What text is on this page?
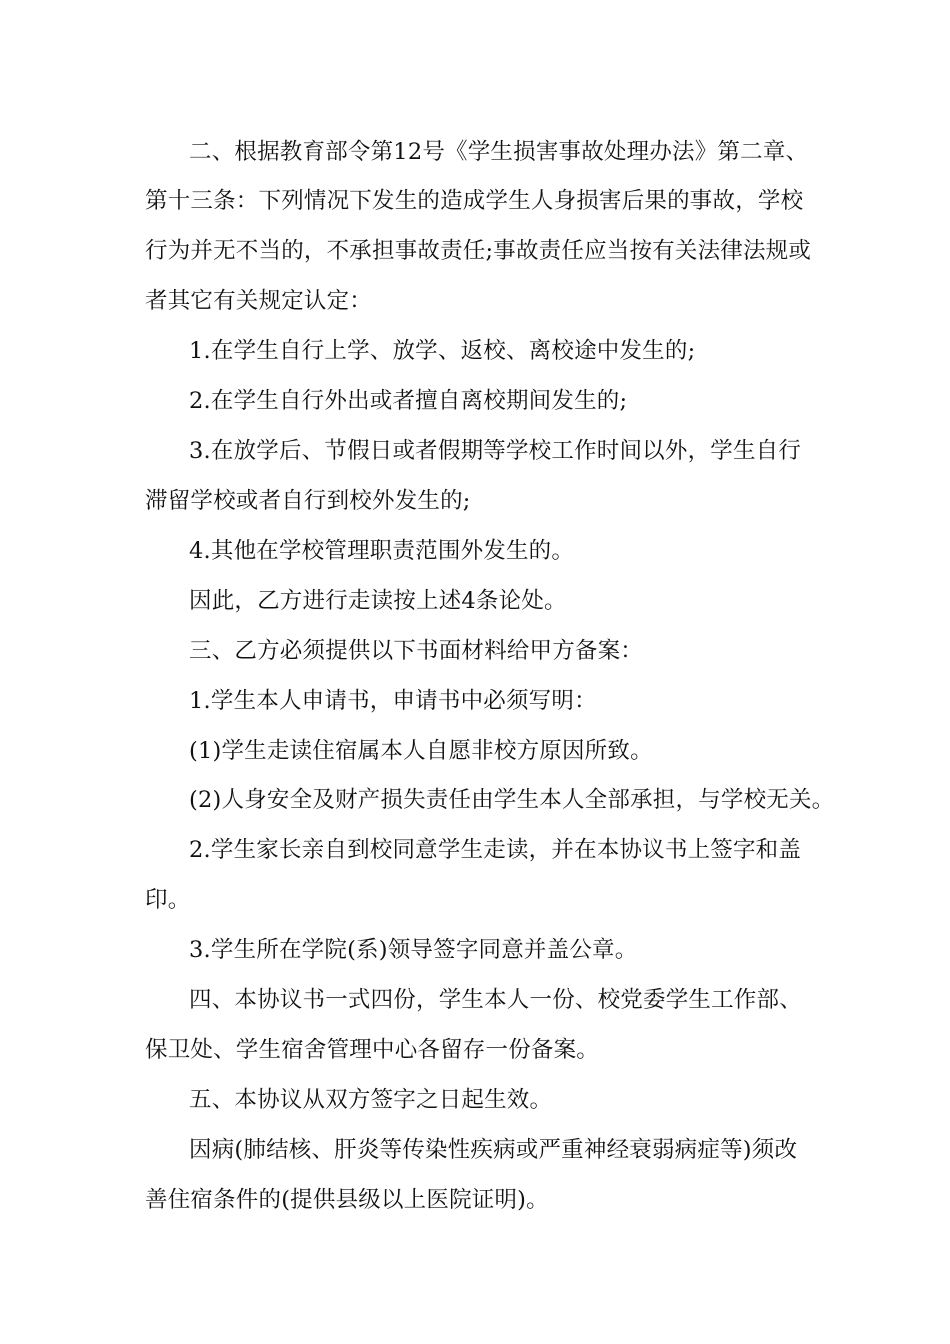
二、根据教育部令第12号《学生损害事故处理办法》第二章、
第十三条：下列情况下发生的造成学生人身损害后果的事故，学校
行为并无不当的，不承担事故责任;事故责任应当按有关法律法规或
者其它有关规定认定：
1.在学生自行上学、放学、返校、离校途中发生的;
2.在学生自行外出或者擅自离校期间发生的;
3.在放学后、节假日或者假期等学校工作时间以外，学生自行
滞留学校或者自行到校外发生的;
4.其他在学校管理职责范围外发生的。
因此，乙方进行走读按上述4条论处。
三、乙方必须提供以下书面材料给甲方备案：
1.学生本人申请书，申请书中必须写明：
(1)学生走读住宿属本人自愿非校方原因所致。
(2)人身安全及财产损失责任由学生本人全部承担，与学校无关。
2.学生家长亲自到校同意学生走读，并在本协议书上签字和盖
印。
3.学生所在学院(系)领导签字同意并盖公章。
四、本协议书一式四份，学生本人一份、校党委学生工作部、
保卫处、学生宿舍管理中心各留存一份备案。
五、本协议从双方签字之日起生效。
因病(肺结核、肝炎等传染性疾病或严重神经衰弱病症等)须改
善住宿条件的(提供县级以上医院证明)。
